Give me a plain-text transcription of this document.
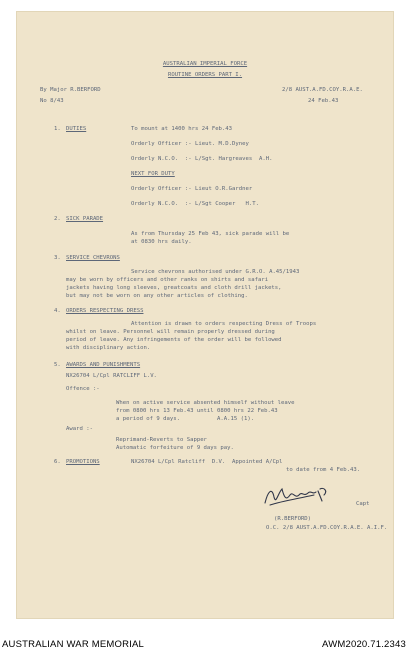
AUSTRALIAN IMPERIAL FORCE
ROUTINE ORDERS PART I.
By Major R.BERFORD	2/8 AUST.A.FD.COY.R.A.E.
No 8/43	24 Feb.43
1. DUTIES	To mount at 1400 hrs 24 Feb.43
Orderly Officer :- Lieut. M.D.Dyney
Orderly N.C.O.  :- L/Sgt. Hargreaves  A.H.
NEXT FOR DUTY
Orderly Officer :- Lieut O.R.Gardner
Orderly N.C.O.  :- L/Sgt Cooper   H.T.
2. SICK PARADE
As from Thursday 25 Feb 43, sick parade will be
at 0830 hrs daily.
3. SERVICE CHEVRONS
Service chevrons authorised under G.R.O. A.45/1943
may be worn by officers and other ranks on shirts and safari
jackets having long sleeves, greatcoats and cloth drill jackets,
but may not be worn on any other articles of clothing.
4. ORDERS RESPECTING DRESS
Attention is drawn to orders respecting Dress of Troops
whilst on leave. Personnel will remain properly dressed during
period of leave. Any infringements of the order will be followed
with disciplinary action.
5. AWARDS AND PUNISHMENTS
NX26704 L/Cpl RATCLIFF L.V.
Offence :-
When on active service absented himself without leave
from 0800 hrs 13 Feb.43 until 0800 hrs 22 Feb.43
a period of 9 days.           A.A.15 (1).
Award :-
Reprimand-Reverts to Sapper
Automatic forfeiture of 9 days pay.
6. PROMOTIONS	NX26704 L/Cpl Ratcliff  D.V.  Appointed A/Cpl
to date from 4 Feb.43.
Capt
(R.BERFORD)
O.C. 2/8 AUST.A.FD.COY.R.A.E. A.I.F.
AUSTRALIAN WAR MEMORIAL	AWM2020.71.2343
